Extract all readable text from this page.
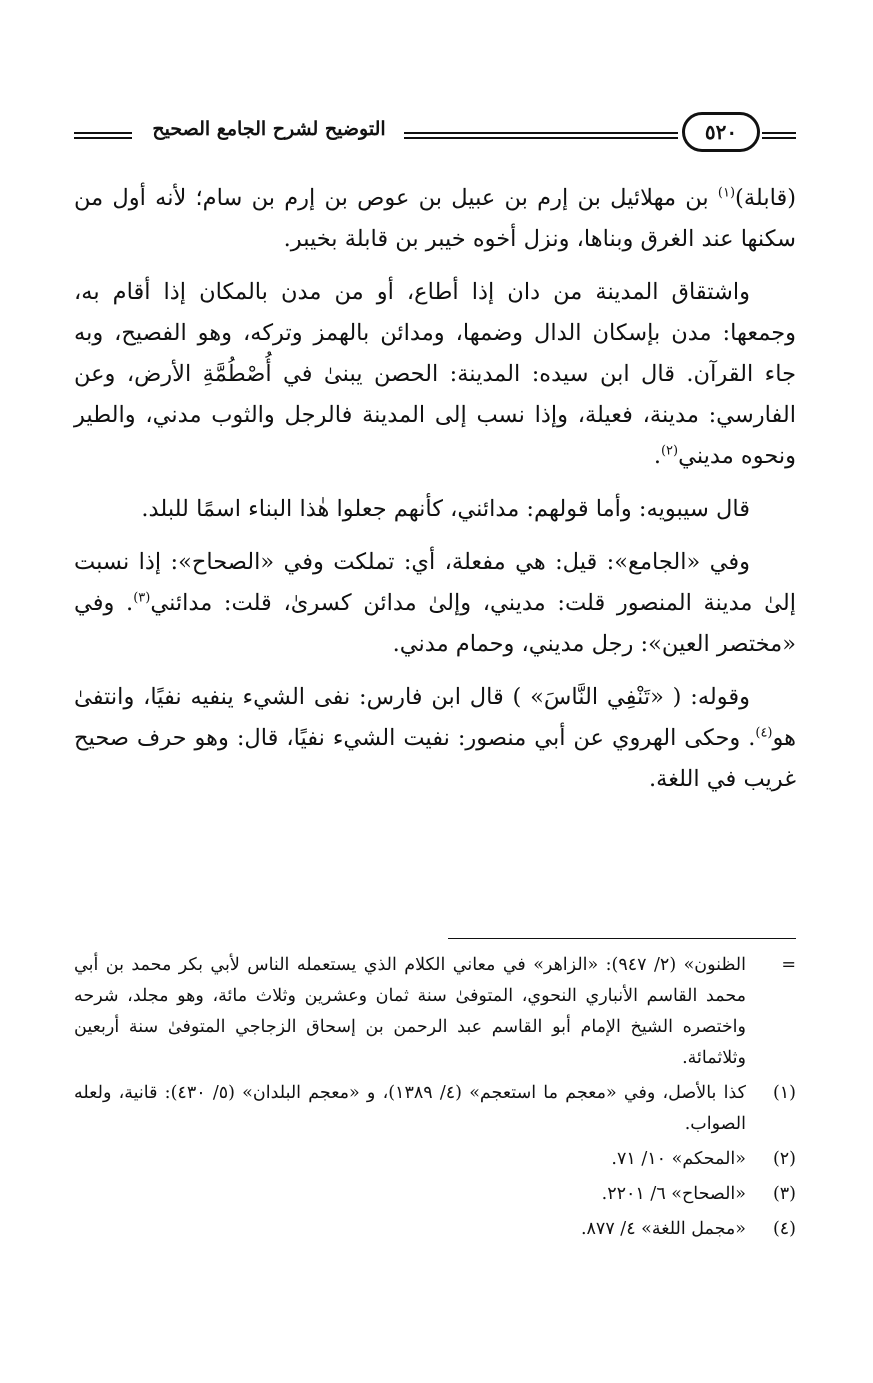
التوضيح لشرح الجامع الصحيح	٥٢٠

(قابلة)$^{(١)}$ بن مهلائيل بن إرم بن عبيل بن عوص بن إرم بن سام؛ لأنه أول من سكنها عند الغرق وبناها، ونزل أخوه خيبر بن قابلة بخيبر.

واشتقاق المدينة من دان إذا أطاع، أو من مدن بالمكان إذا أقام به، وجمعها: مدن بإسكان الدال وضمها، ومدائن بالهمز وتركه، وهو الفصيح، وبه جاء القرآن. قال ابن سيده: المدينة: الحصن يبنىٰ في أُصْطُمَّةِ الأرض، وعن الفارسي: مدينة، فعيلة، وإذا نسب إلى المدينة فالرجل والثوب مدني، والطير ونحوه مديني$^{(٢)}$.

قال سيبويه: وأما قولهم: مدائني، كأنهم جعلوا هٰذا البناء اسمًا للبلد.

وفي «الجامع»: قيل: هي مفعلة، أي: تملكت وفي «الصحاح»: إذا نسبت إلىٰ مدينة المنصور قلت: مديني، وإلىٰ مدائن كسرىٰ، قلت: مدائني$^{(٣)}$. وفي «مختصر العين»: رجل مديني، وحمام مدني.

وقوله: ( «تَنْفِي النَّاسَ» ) قال ابن فارس: نفى الشيء ينفيه نفيًا، وانتفىٰ هو$^{(٤)}$. وحكى الهروي عن أبي منصور: نفيت الشيء نفيًا، قال: وهو حرف صحيح غريب في اللغة.

=
الظنون» (٢/ ٩٤٧): «الزاهر» في معاني الكلام الذي يستعمله الناس لأبي بكر محمد بن أبي محمد القاسم الأنباري النحوي، المتوفىٰ سنة ثمان وعشرين وثلاث مائة، وهو مجلد، شرحه واختصره الشيخ الإمام أبو القاسم عبد الرحمن بن إسحاق الزجاجي المتوفىٰ سنة أربعين وثلاثمائة.
(١)
كذا بالأصل، وفي «معجم ما استعجم» (٤/ ١٣٨٩)، و «معجم البلدان» (٥/ ٤٣٠): قانية، ولعله الصواب.
(٢)
«المحكم» ١٠/ ٧١.
(٣)
«الصحاح» ٦/ ٢٢٠١.
(٤)
«مجمل اللغة» ٤/ ٨٧٧.
